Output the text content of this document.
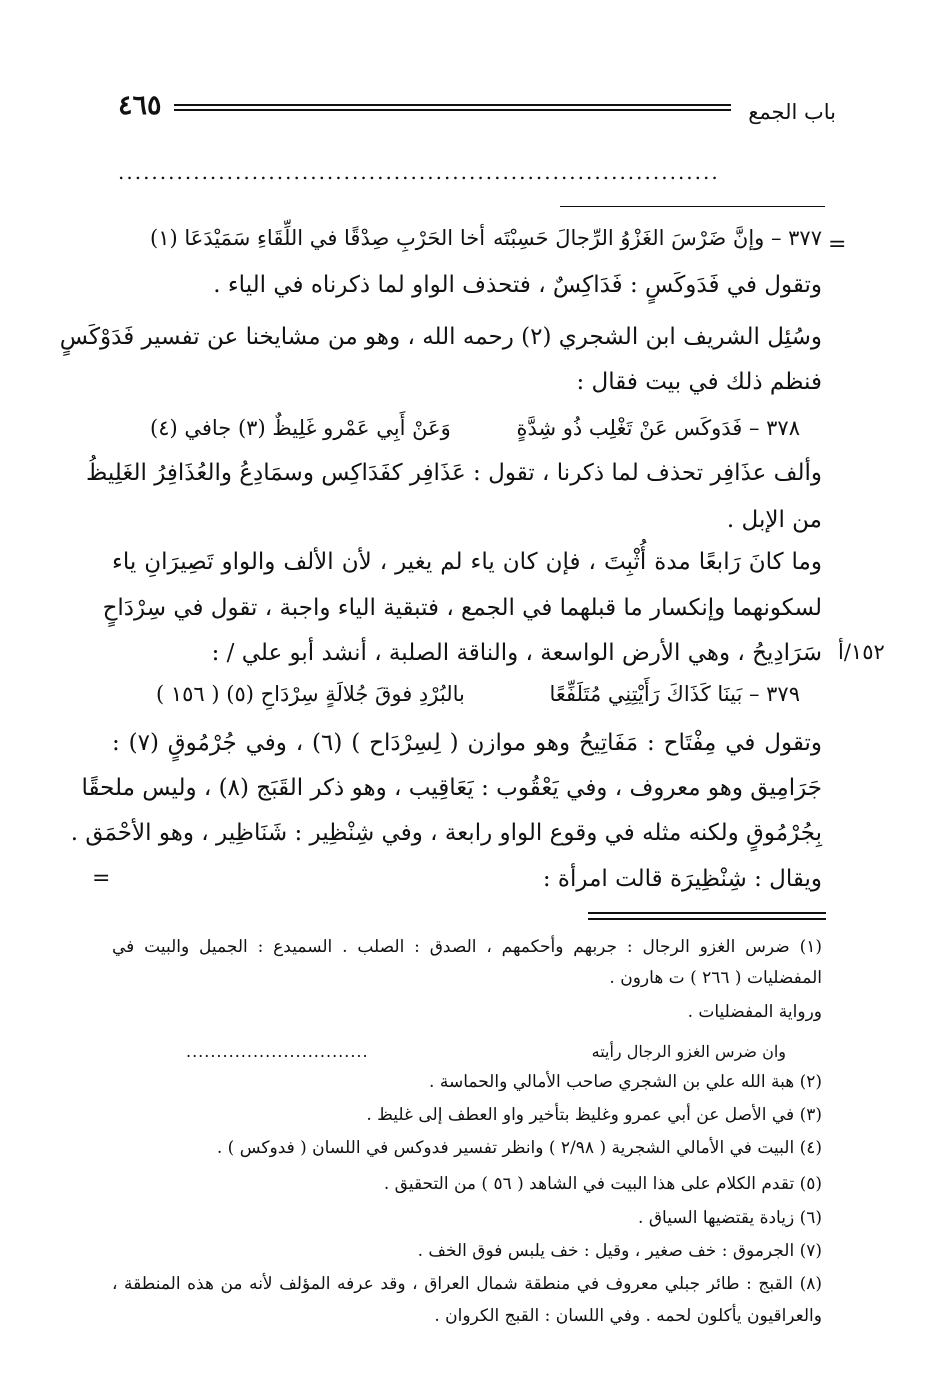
٤٦٥	باب الجمع
........................................................................
=
=
١٥٢/أ
٣٧٧ – وإنَّ ضَرْسَ الغَزْوُ الرِّجالَ حَسِبْتَه
أخا الحَرْبِ صِدْقًا في اللِّقَاءِ سَمَيْدَعَا (١)
وتقول في فَدَوكَسٍ : فَدَاكِسٌ ، فتحذف الواو لما ذكرناه في الياء .
وسُئِل الشريف ابن الشجري (٢) رحمه الله ، وهو من مشايخنا عن تفسير فَدَوْكَسٍ
فنظم ذلك في بيت فقال :
٣٧٨ – فَدَوكَس عَنْ تَغْلِب ذُو شِدَّةٍ
وَعَنْ أَبِي عَمْرو غَلِيظٌ (٣) جافي (٤)
وألف عذَافِر تحذف لما ذكرنا ، تقول : عَذَافِر كفَدَاكِس وسمَادِعُ والعُذَافِرُ الغَلِيظُ
من الإبل .
وما كانَ رَابعًا مدة أُثْبِتَ ، فإن كان ياء لم يغير ، لأن الألف والواو تَصِيرَانِ ياء
لسكونهما وإنكسار ما قبلهما في الجمع ، فتبقية الياء واجبة ، تقول في سِرْدَاحٍ
سَرَادِيحُ ، وهي الأرض الواسعة ، والناقة الصلبة ، أنشد أبو علي / :
٣٧٩ – بَينَا كَذَاكَ رَأَيْتِنِي مُتَلَفِّعًا
بالبُرْدِ فوقَ جُلالَةٍ سِرْدَاحِ (٥) ( ١٥٦ )
وتقول في مِفْتَاح : مَفَاتِيحُ وهو موازن ( لِسِرْدَاح ) (٦) ، وفي جُرْمُوقٍ (٧) :
جَرَامِيق وهو معروف ، وفي يَعْقُوب : يَعَاقِيب ، وهو ذكر القَبَج (٨) ، وليس ملحقًا
بِجُرْمُوقٍ ولكنه مثله في وقوع الواو رابعة ، وفي شِنْظِير : شَنَاظِير ، وهو الأحْمَق .
ويقال : شِنْظِيرَة قالت امرأة :
(١) ضرس الغزو الرجال : جربهم وأحكمهم ، الصدق : الصلب . السميدع : الجميل والبيت في
المفضليات ( ٢٦٦ ) ت هارون .
ورواية المفضليات .
وان ضرس الغزو الرجال رأيته
..............................
(٢) هبة الله علي بن الشجري صاحب الأمالي والحماسة .
(٣) في الأصل عن أبي عمرو وغليظ بتأخير واو العطف إلى غليظ .
(٤) البيت في الأمالي الشجرية ( ٢/٩٨ ) وانظر تفسير فدوكس في اللسان ( فدوكس ) .
(٥) تقدم الكلام على هذا البيت في الشاهد ( ٥٦ ) من التحقيق .
(٦) زيادة يقتضيها السياق .
(٧) الجرموق : خف صغير ، وقيل : خف يلبس فوق الخف .
(٨) القبج : طائر جبلي معروف في منطقة شمال العراق ، وقد عرفه المؤلف لأنه من هذه المنطقة ،
والعراقيون يأكلون لحمه . وفي اللسان : القبج الكروان .
